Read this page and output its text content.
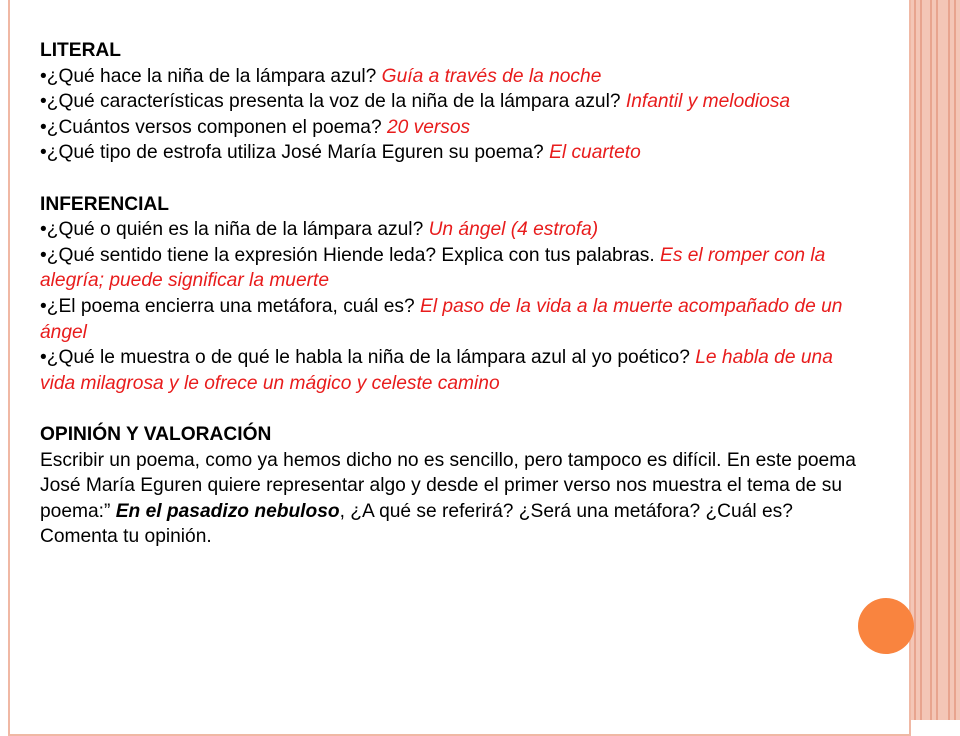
LITERAL

•¿Qué hace la niña de la lámpara azul? Guía a través de la noche

•¿Qué características presenta la voz de la niña de la lámpara azul? Infantil y melodiosa

•¿Cuántos versos componen el poema? 20 versos

•¿Qué tipo de estrofa utiliza José María Eguren su poema? El cuarteto

INFERENCIAL

•¿Qué o quién es la niña de la lámpara azul? Un ángel (4 estrofa)

•¿Qué sentido tiene la expresión Hiende leda? Explica con tus palabras. Es el romper con la alegría; puede significar la muerte

•¿El poema encierra una metáfora, cuál es? El paso de la vida a la muerte acompañado de un ángel

•¿Qué le muestra o de qué le habla la niña de la lámpara azul al yo poético? Le habla de una vida milagrosa y le ofrece un mágico y celeste camino

OPINIÓN Y VALORACIÓN

Escribir un poema, como ya hemos dicho no es sencillo, pero tampoco es difícil. En este poema José María Eguren quiere representar algo y desde el primer verso nos muestra el tema de su poema:” En el pasadizo nebuloso, ¿A qué se referirá? ¿Será una metáfora? ¿Cuál es? Comenta tu opinión.
